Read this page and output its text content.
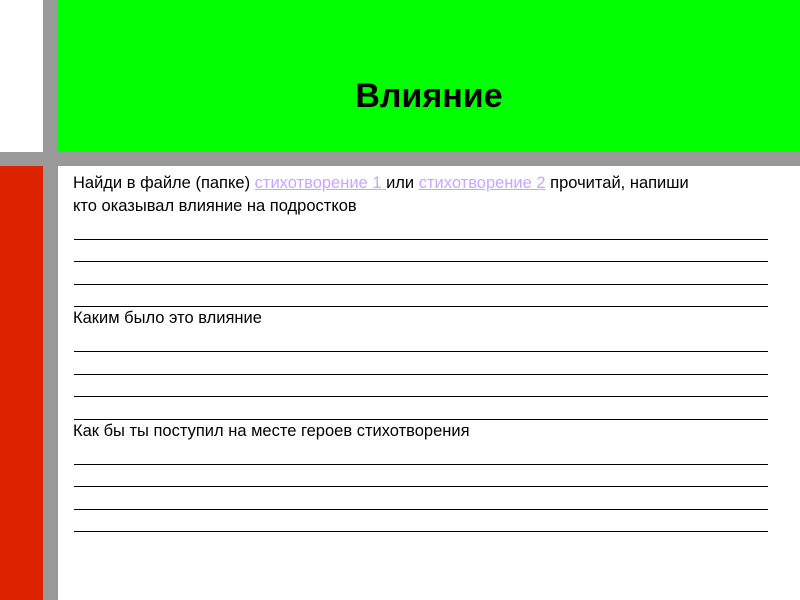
Влияние

Найди в файле (папке) стихотворение 1 или стихотворение 2 прочитай, напиши

кто оказывал влияние на подростков

Каким было это влияние

Как бы ты поступил на месте героев стихотворения
